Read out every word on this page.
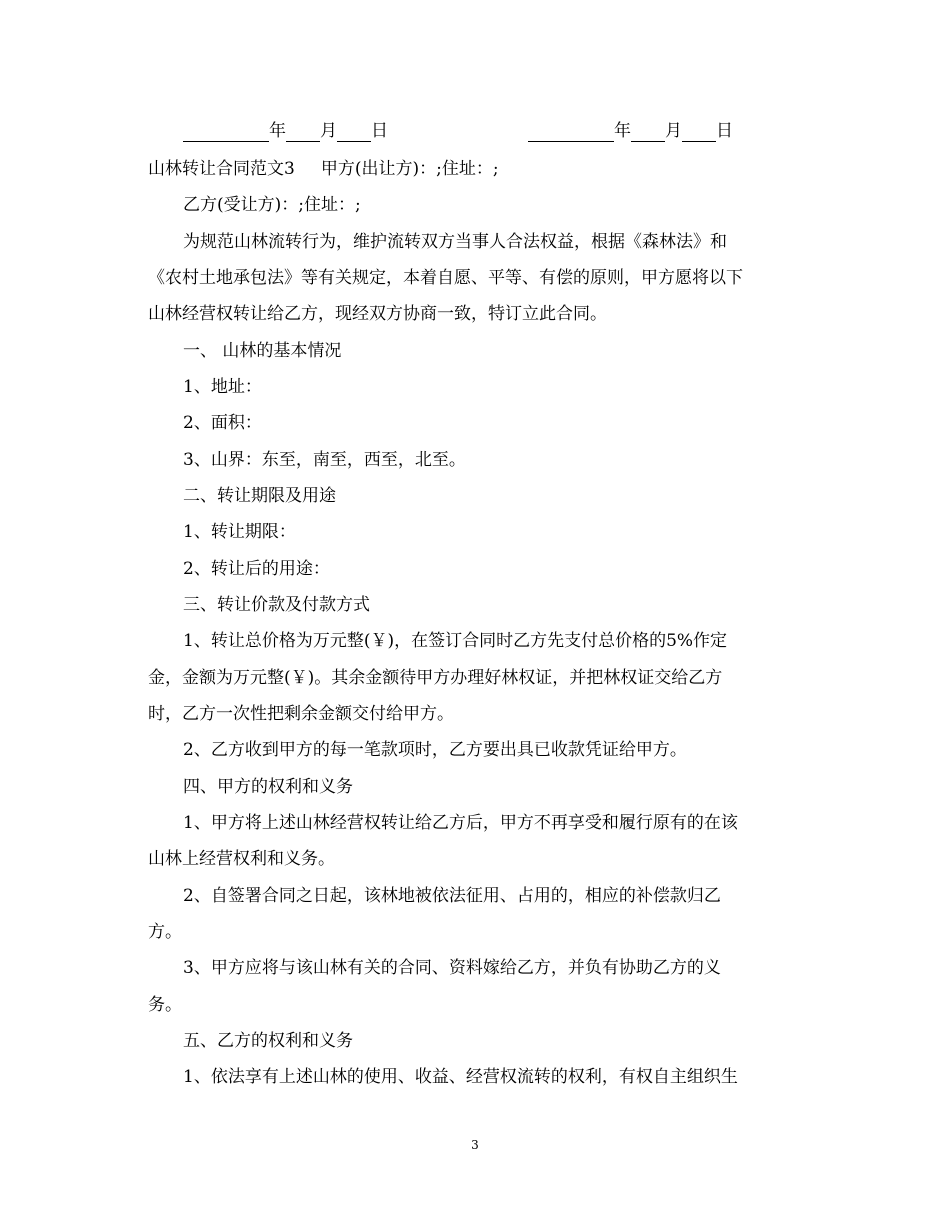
年 月 日	年 月 日
山林转让合同范文3 甲方(出让方)：;住址：;
乙方(受让方)：;住址：;
为规范山林流转行为，维护流转双方当事人合法权益，根据《森林法》和
《农村土地承包法》等有关规定，本着自愿、平等、有偿的原则，甲方愿将以下
山林经营权转让给乙方，现经双方协商一致，特订立此合同。
一、 山林的基本情况
1、地址：
2、面积：
3、山界：东至，南至，西至，北至。
二、转让期限及用途
1、转让期限：
2、转让后的用途：
三、转让价款及付款方式
1、转让总价格为万元整(￥)，在签订合同时乙方先支付总价格的5%作定
金，金额为万元整(￥)。其余金额待甲方办理好林权证，并把林权证交给乙方
时，乙方一次性把剩余金额交付给甲方。
2、乙方收到甲方的每一笔款项时，乙方要出具已收款凭证给甲方。
四、甲方的权利和义务
1、甲方将上述山林经营权转让给乙方后，甲方不再享受和履行原有的在该
山林上经营权利和义务。
2、自签署合同之日起，该林地被依法征用、占用的，相应的补偿款归乙
方。
3、甲方应将与该山林有关的合同、资料嫁给乙方，并负有协助乙方的义
务。
五、乙方的权利和义务
1、依法享有上述山林的使用、收益、经营权流转的权利，有权自主组织生
3
